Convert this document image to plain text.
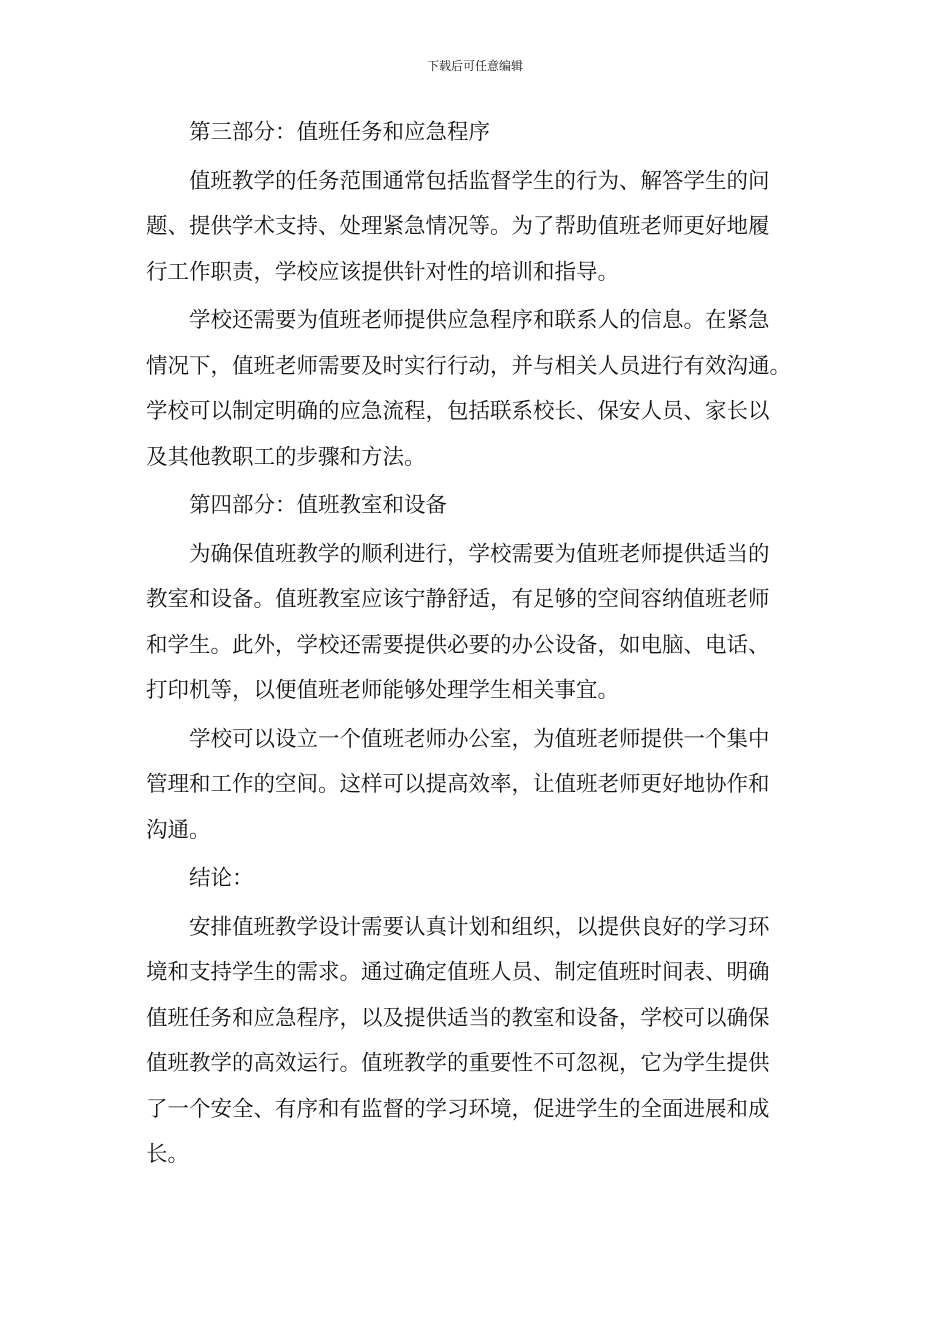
下载后可任意编辑
第三部分：值班任务和应急程序
值班教学的任务范围通常包括监督学生的行为、解答学生的问
题、提供学术支持、处理紧急情况等。为了帮助值班老师更好地履
行工作职责，学校应该提供针对性的培训和指导。
学校还需要为值班老师提供应急程序和联系人的信息。在紧急
情况下，值班老师需要及时实行行动，并与相关人员进行有效沟通。
学校可以制定明确的应急流程，包括联系校长、保安人员、家长以
及其他教职工的步骤和方法。
第四部分：值班教室和设备
为确保值班教学的顺利进行，学校需要为值班老师提供适当的
教室和设备。值班教室应该宁静舒适，有足够的空间容纳值班老师
和学生。此外，学校还需要提供必要的办公设备，如电脑、电话、
打印机等，以便值班老师能够处理学生相关事宜。
学校可以设立一个值班老师办公室，为值班老师提供一个集中
管理和工作的空间。这样可以提高效率，让值班老师更好地协作和
沟通。
结论：
安排值班教学设计需要认真计划和组织，以提供良好的学习环
境和支持学生的需求。通过确定值班人员、制定值班时间表、明确
值班任务和应急程序，以及提供适当的教室和设备，学校可以确保
值班教学的高效运行。值班教学的重要性不可忽视，它为学生提供
了一个安全、有序和有监督的学习环境，促进学生的全面进展和成
长。
